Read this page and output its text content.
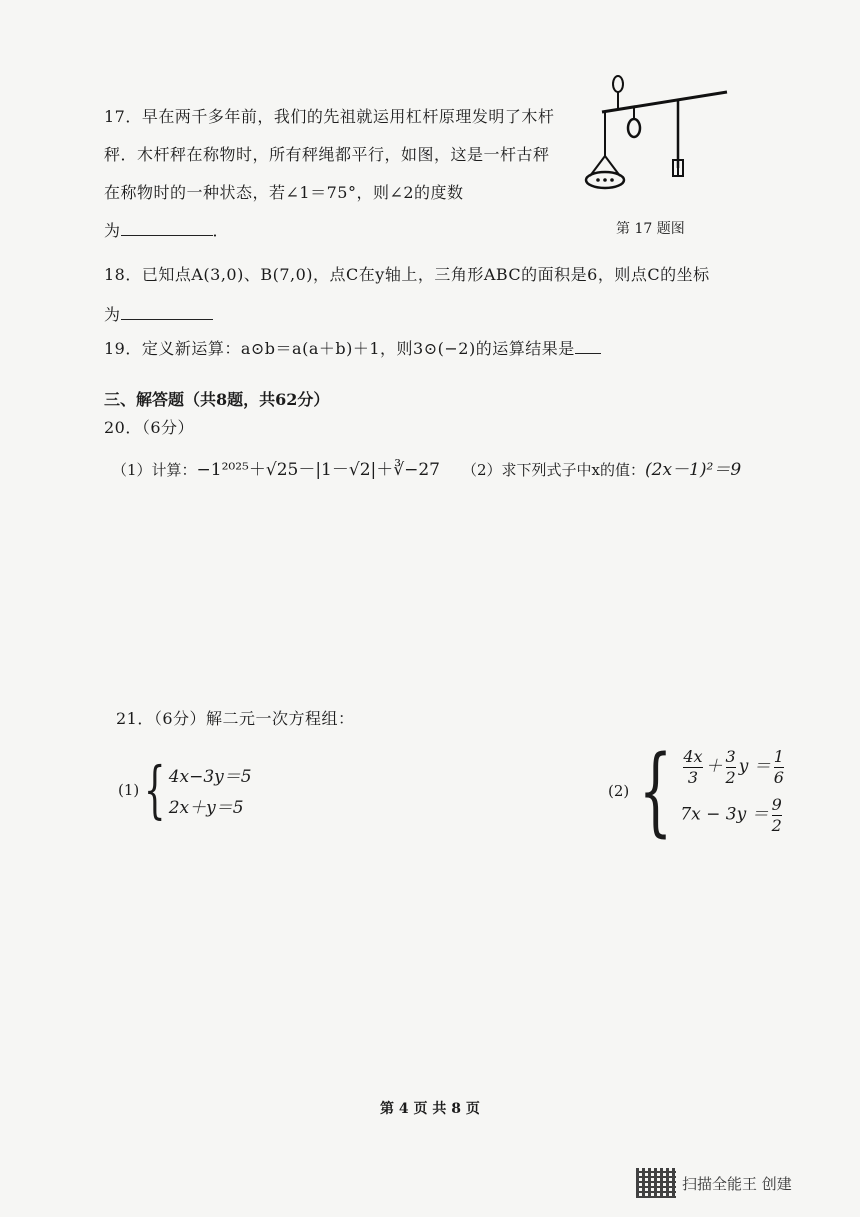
17．早在两千多年前，我们的先祖就运用杠杆原理发明了木杆
秤．木杆秤在称物时，所有秤绳都平行，如图，这是一杆古秤
在称物时的一种状态，若∠1＝75°，则∠2的度数
为	．	第 17 题图
18．已知点A(3,0)、B(7,0)，点C在y轴上，三角形ABC的面积是6，则点C的坐标
为
19．定义新运算：a⊙b＝a(a＋b)＋1，则3⊙(−2)的运算结果是
三、解答题（共8题，共62分）
20．（6分）
（1）计算：−1²⁰²⁵＋√25－|1－√2|＋∛−27 （2）求下列式子中x的值：(2x－1)²＝9
21．（6分）解二元一次方程组：
(1) { 4x−3y＝5
2x＋y＝5
(2) { $\frac{4x}{3} + \frac{3}{2}$ $y = \frac{1}{6}$
$7x - 3y = \frac{9}{2}$
第 4 页 共 8 页
扫描全能王 创建
